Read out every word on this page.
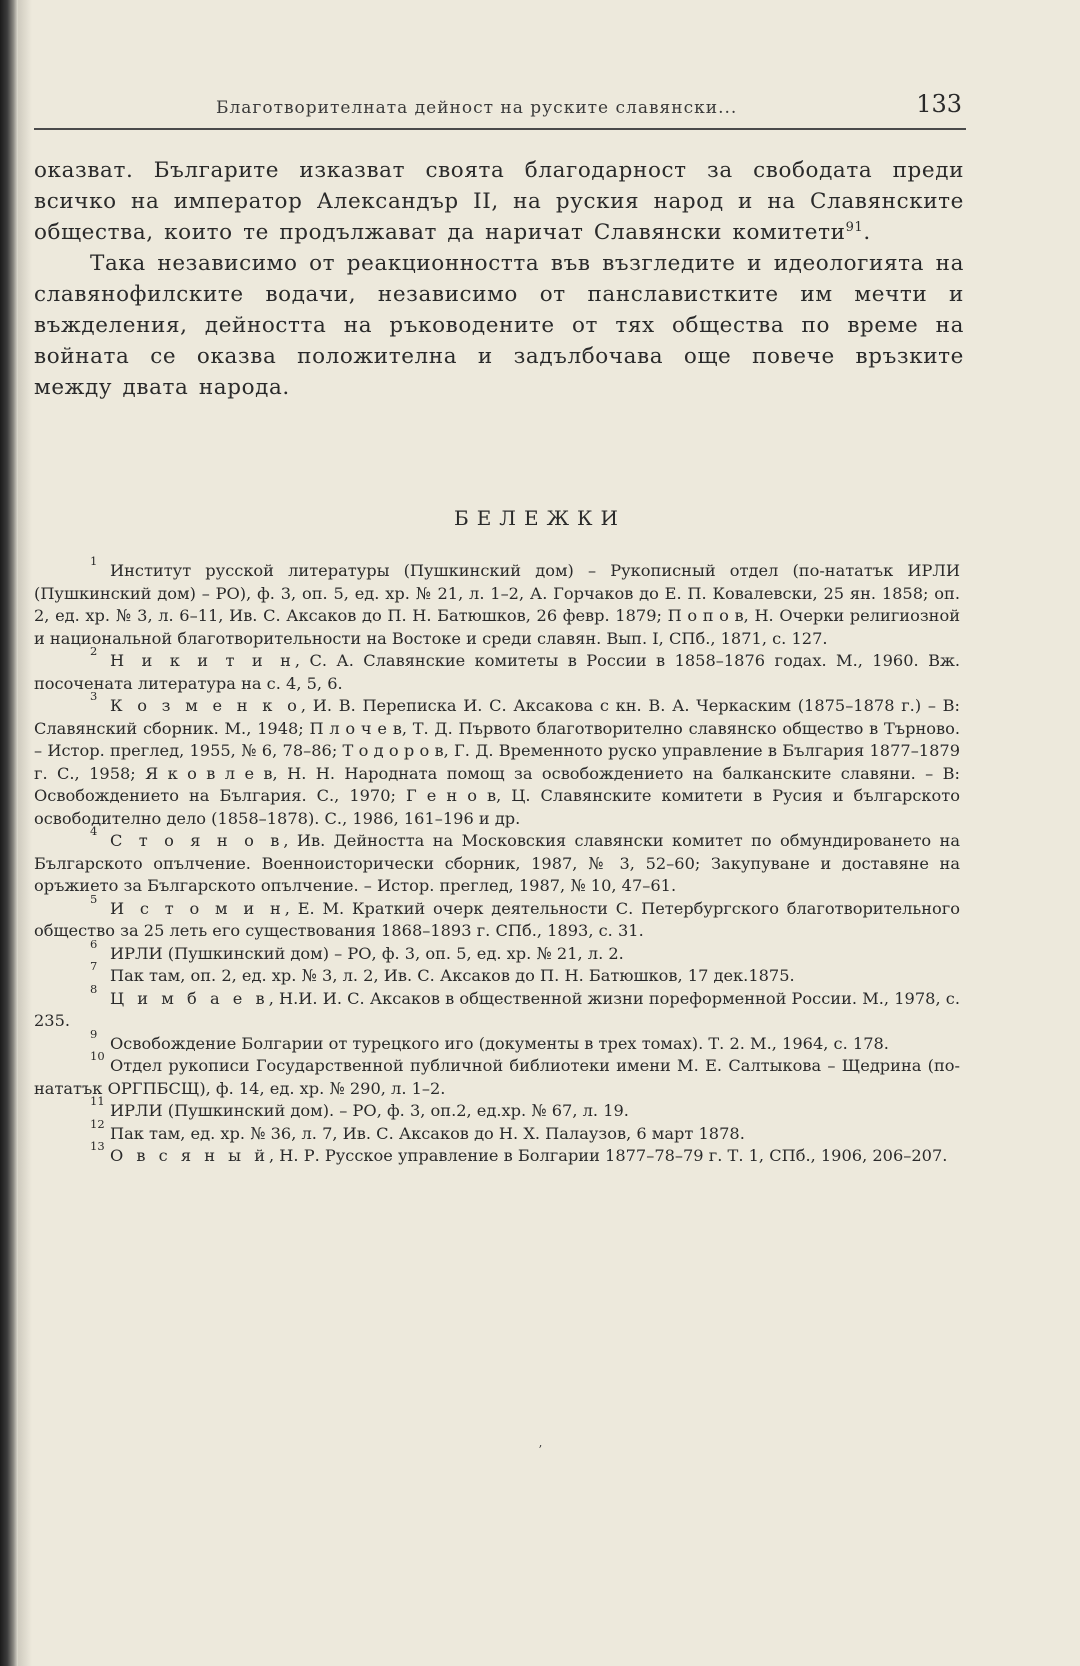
Благотворителната дейност на руските славянски...	133

оказват. Българите изказват своята благодарност за свободата преди всичко на император Александър II, на руския народ и на Славянските общества, които те продължават да наричат Славянски комитети$^{91}$.

Така независимо от реакционността във възгледите и идеологията на славянофилските водачи, независимо от панславистките им мечти и въжделения, дейността на ръководените от тях общества по време на войната се оказва положителна и задълбочава още повече връзките между двата народа.

БЕЛЕЖКИ

1 Институт русской литературы (Пушкинский дом) – Рукописный отдел (по-нататък ИРЛИ (Пушкинский дом) – РО), ф. 3, оп. 5, ед. хр. № 21, л. 1–2, А. Горчаков до Е. П. Ковалевски, 25 ян. 1858; оп. 2, ед. хр. № 3, л. 6–11, Ив. С. Аксаков до П. Н. Батюшков, 26 февр. 1879; П о п о в, Н. Очерки религиозной и национальной благотворительности на Востоке и среди славян. Вып. I, СПб., 1871, с. 127.

2 Н и к и т и н, С. А. Славянские комитеты в России в 1858–1876 годах. М., 1960. Вж. посочената литература на с. 4, 5, 6.

3 К о з м е н к о, И. В. Переписка И. С. Аксакова с кн. В. А. Черкаским (1875–1878 г.) – В: Славянский сборник. М., 1948; П л о ч е в, Т. Д. Първото благотворително славянско общество в Търново. – Истор. преглед, 1955, № 6, 78–86; Т о д о р о в, Г. Д. Временното руско управление в България 1877–1879 г. С., 1958; Я к о в л е в, Н. Н. Народната помощ за освобождението на балканските славяни. – В: Освобождението на България. С., 1970; Г е н о в, Ц. Славянските комитети в Русия и българското освободително дело (1858–1878). С., 1986, 161–196 и др.

4 С т о я н о в, Ив. Дейността на Московския славянски комитет по обмундироването на Българското опълчение. Военноисторически сборник, 1987, № 3, 52–60; Закупуване и доставяне на оръжието за Българското опълчение. – Истор. преглед, 1987, № 10, 47–61.

5 И с т о м и н, Е. М. Краткий очерк деятельности С. Петербургского благотворительного общество за 25 леть его существования 1868–1893 г. СПб., 1893, с. 31.

6 ИРЛИ (Пушкинский дом) – РО, ф. 3, оп. 5, ед. хр. № 21, л. 2.

7 Пак там, оп. 2, ед. хр. № 3, л. 2, Ив. С. Аксаков до П. Н. Батюшков, 17 дек.1875.

8 Ц и м б а е в, Н.И. И. С. Аксаков в общественной жизни пореформенной России. М., 1978, с. 235.

9 Освобождение Болгарии от турецкого иго (документы в трех томах). Т. 2. М., 1964, с. 178.

10 Отдел рукописи Государственной публичной библиотеки имени М. Е. Салтыкова – Щедрина (по-нататък ОРГПБСЩ), ф. 14, ед. хр. № 290, л. 1–2.

11 ИРЛИ (Пушкинский дом). – РО, ф. 3, оп.2, ед.хр. № 67, л. 19.

12 Пак там, ед. хр. № 36, л. 7, Ив. С. Аксаков до Н. Х. Палаузов, 6 март 1878.

13 О в с я н ы й, Н. Р. Русское управление в Болгарии 1877–78–79 г. Т. 1, СПб., 1906, 206–207.

ʼ
